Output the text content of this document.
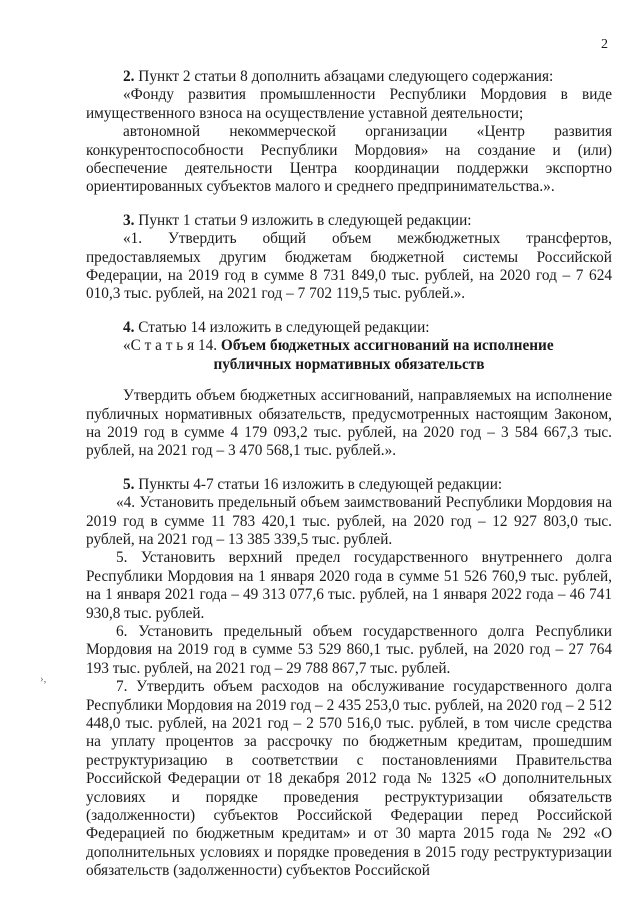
2

2. Пункт 2 статьи 8 дополнить абзацами следующего содержания:

«Фонду развития промышленности Республики Мордовия в виде имущественного взноса на осуществление уставной деятельности;

автономной некоммерческой организации «Центр развития конкурентоспособности Республики Мордовия» на создание и (или) обеспечение деятельности Центра координации поддержки экспортно ориентированных субъектов малого и среднего предпринимательства.».

3. Пункт 1 статьи 9 изложить в следующей редакции:

«1. Утвердить общий объем межбюджетных трансфертов, предоставляемых другим бюджетам бюджетной системы Российской Федерации, на 2019 год в сумме 8 731 849,0 тыс. рублей, на 2020 год – 7 624 010,3 тыс. рублей, на 2021 год – 7 702 119,5 тыс. рублей.».

4. Статью 14 изложить в следующей редакции:

«С т а т ь я 14. Объем бюджетных ассигнований на исполнение

публичных нормативных обязательств

Утвердить объем бюджетных ассигнований, направляемых на исполнение публичных нормативных обязательств, предусмотренных настоящим Законом, на 2019 год в сумме 4 179 093,2 тыс. рублей, на 2020 год – 3 584 667,3 тыс. рублей, на 2021 год – 3 470 568,1 тыс. рублей.».

5. Пункты 4-7 статьи 16 изложить в следующей редакции:

«4. Установить предельный объем заимствований Республики Мордовия на 2019 год в сумме 11 783 420,1 тыс. рублей, на 2020 год – 12 927 803,0 тыс. рублей, на 2021 год – 13 385 339,5 тыс. рублей.

5. Установить верхний предел государственного внутреннего долга Республики Мордовия на 1 января 2020 года в сумме 51 526 760,9 тыс. рублей, на 1 января 2021 года – 49 313 077,6 тыс. рублей, на 1 января 2022 года – 46 741 930,8 тыс. рублей.

6. Установить предельный объем государственного долга Республики Мордовия на 2019 год в сумме 53 529 860,1 тыс. рублей, на 2020 год – 27 764 193 тыс. рублей, на 2021 год – 29 788 867,7 тыс. рублей.

7. Утвердить объем расходов на обслуживание государственного долга Республики Мордовия на 2019 год – 2 435 253,0 тыс. рублей, на 2020 год – 2 512 448,0 тыс. рублей, на 2021 год – 2 570 516,0 тыс. рублей, в том числе средства на уплату процентов за рассрочку по бюджетным кредитам, прошедшим реструктуризацию в соответствии с постановлениями Правительства Российской Федерации от 18 декабря 2012 года № 1325 «О дополнительных условиях и порядке проведения реструктуризации обязательств (задолженности) субъектов Российской Федерации перед Российской Федерацией по бюджетным кредитам» и от 30 марта 2015 года № 292 «О дополнительных условиях и порядке проведения в 2015 году реструктуризации обязательств (задолженности) субъектов Российской

›,
